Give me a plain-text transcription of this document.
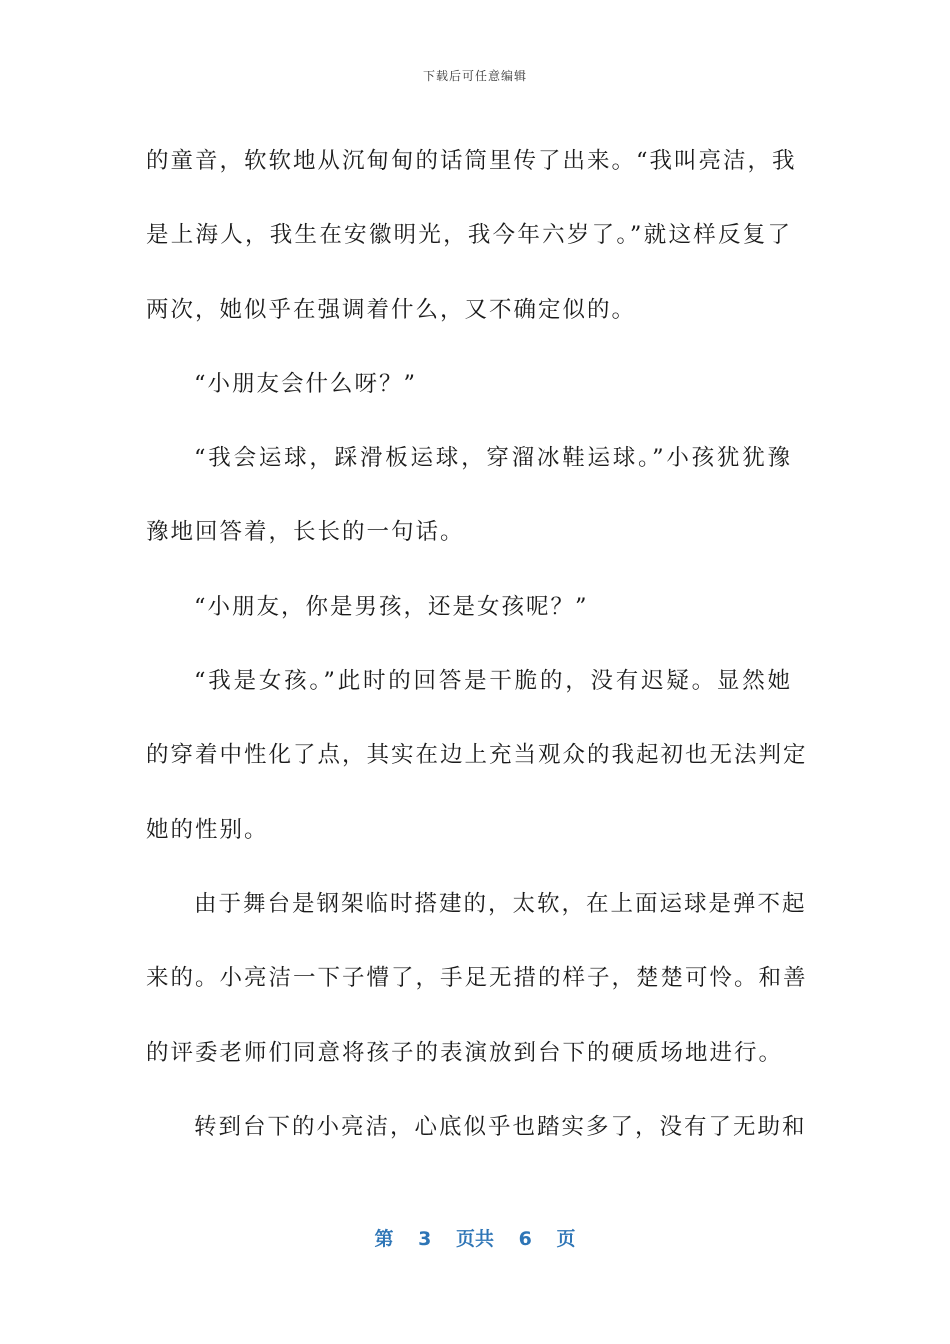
下载后可任意编辑
的童音，软软地从沉甸甸的话筒里传了出来。“我叫亮洁，我
是上海人，我生在安徽明光，我今年六岁了。”就这样反复了
两次，她似乎在强调着什么，又不确定似的。
“小朋友会什么呀？”
“我会运球，踩滑板运球，穿溜冰鞋运球。”小孩犹犹豫
豫地回答着，长长的一句话。
“小朋友，你是男孩，还是女孩呢？”
“我是女孩。”此时的回答是干脆的，没有迟疑。显然她
的穿着中性化了点，其实在边上充当观众的我起初也无法判定
她的性别。
由于舞台是钢架临时搭建的，太软，在上面运球是弹不起
来的。小亮洁一下子懵了，手足无措的样子，楚楚可怜。和善
的评委老师们同意将孩子的表演放到台下的硬质场地进行。
转到台下的小亮洁，心底似乎也踏实多了，没有了无助和
第 3 页共 6 页
